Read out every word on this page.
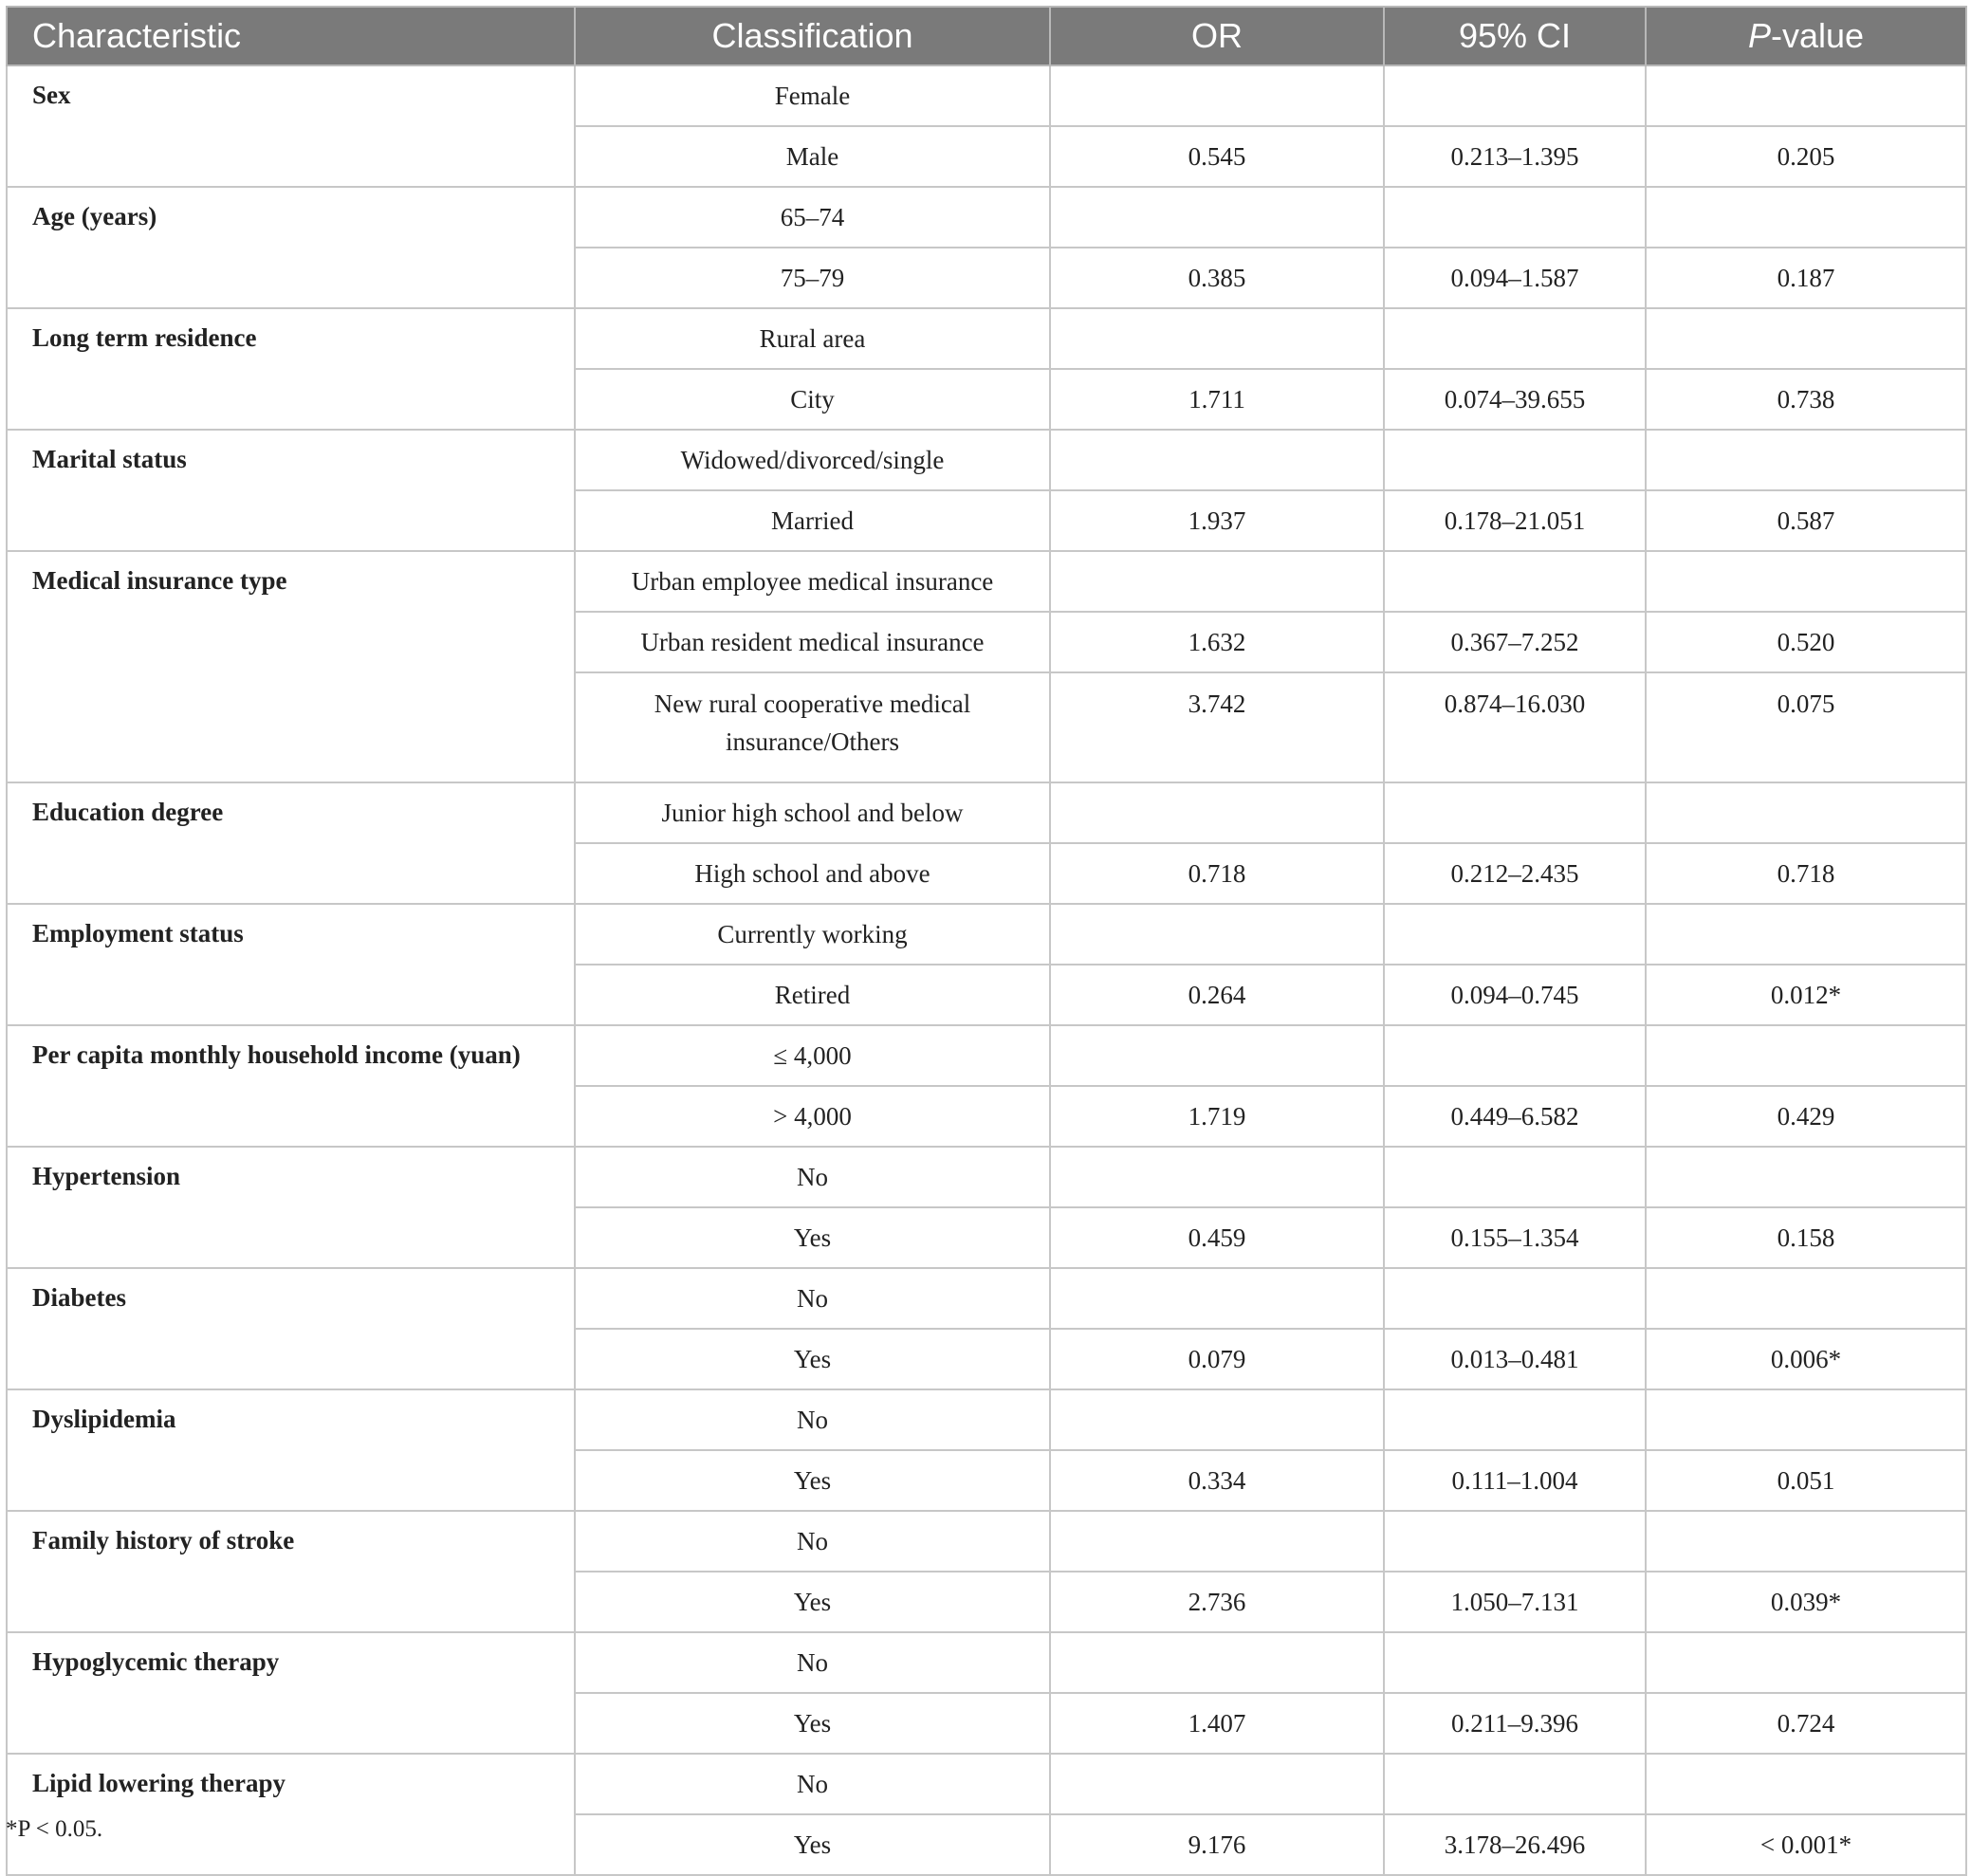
Characteristic	Classification	OR	95% CI	P-value
Sex	Female			
	Male	0.545	0.213–1.395	0.205
Age (years)	65–74			
	75–79	0.385	0.094–1.587	0.187
Long term residence	Rural area			
	City	1.711	0.074–39.655	0.738
Marital status	Widowed/divorced/single			
	Married	1.937	0.178–21.051	0.587
Medical insurance type	Urban employee medical insurance			
	Urban resident medical insurance	1.632	0.367–7.252	0.520
	New rural cooperative medical insurance/Others	3.742	0.874–16.030	0.075
Education degree	Junior high school and below			
	High school and above	0.718	0.212–2.435	0.718
Employment status	Currently working			
	Retired	0.264	0.094–0.745	0.012*
Per capita monthly household income (yuan)	≤ 4,000			
	> 4,000	1.719	0.449–6.582	0.429
Hypertension	No			
	Yes	0.459	0.155–1.354	0.158
Diabetes	No			
	Yes	0.079	0.013–0.481	0.006*
Dyslipidemia	No			
	Yes	0.334	0.111–1.004	0.051
Family history of stroke	No			
	Yes	2.736	1.050–7.131	0.039*
Hypoglycemic therapy	No			
	Yes	1.407	0.211–9.396	0.724
Lipid lowering therapy	No			
	Yes	9.176	3.178–26.496	< 0.001*
*P < 0.05.
